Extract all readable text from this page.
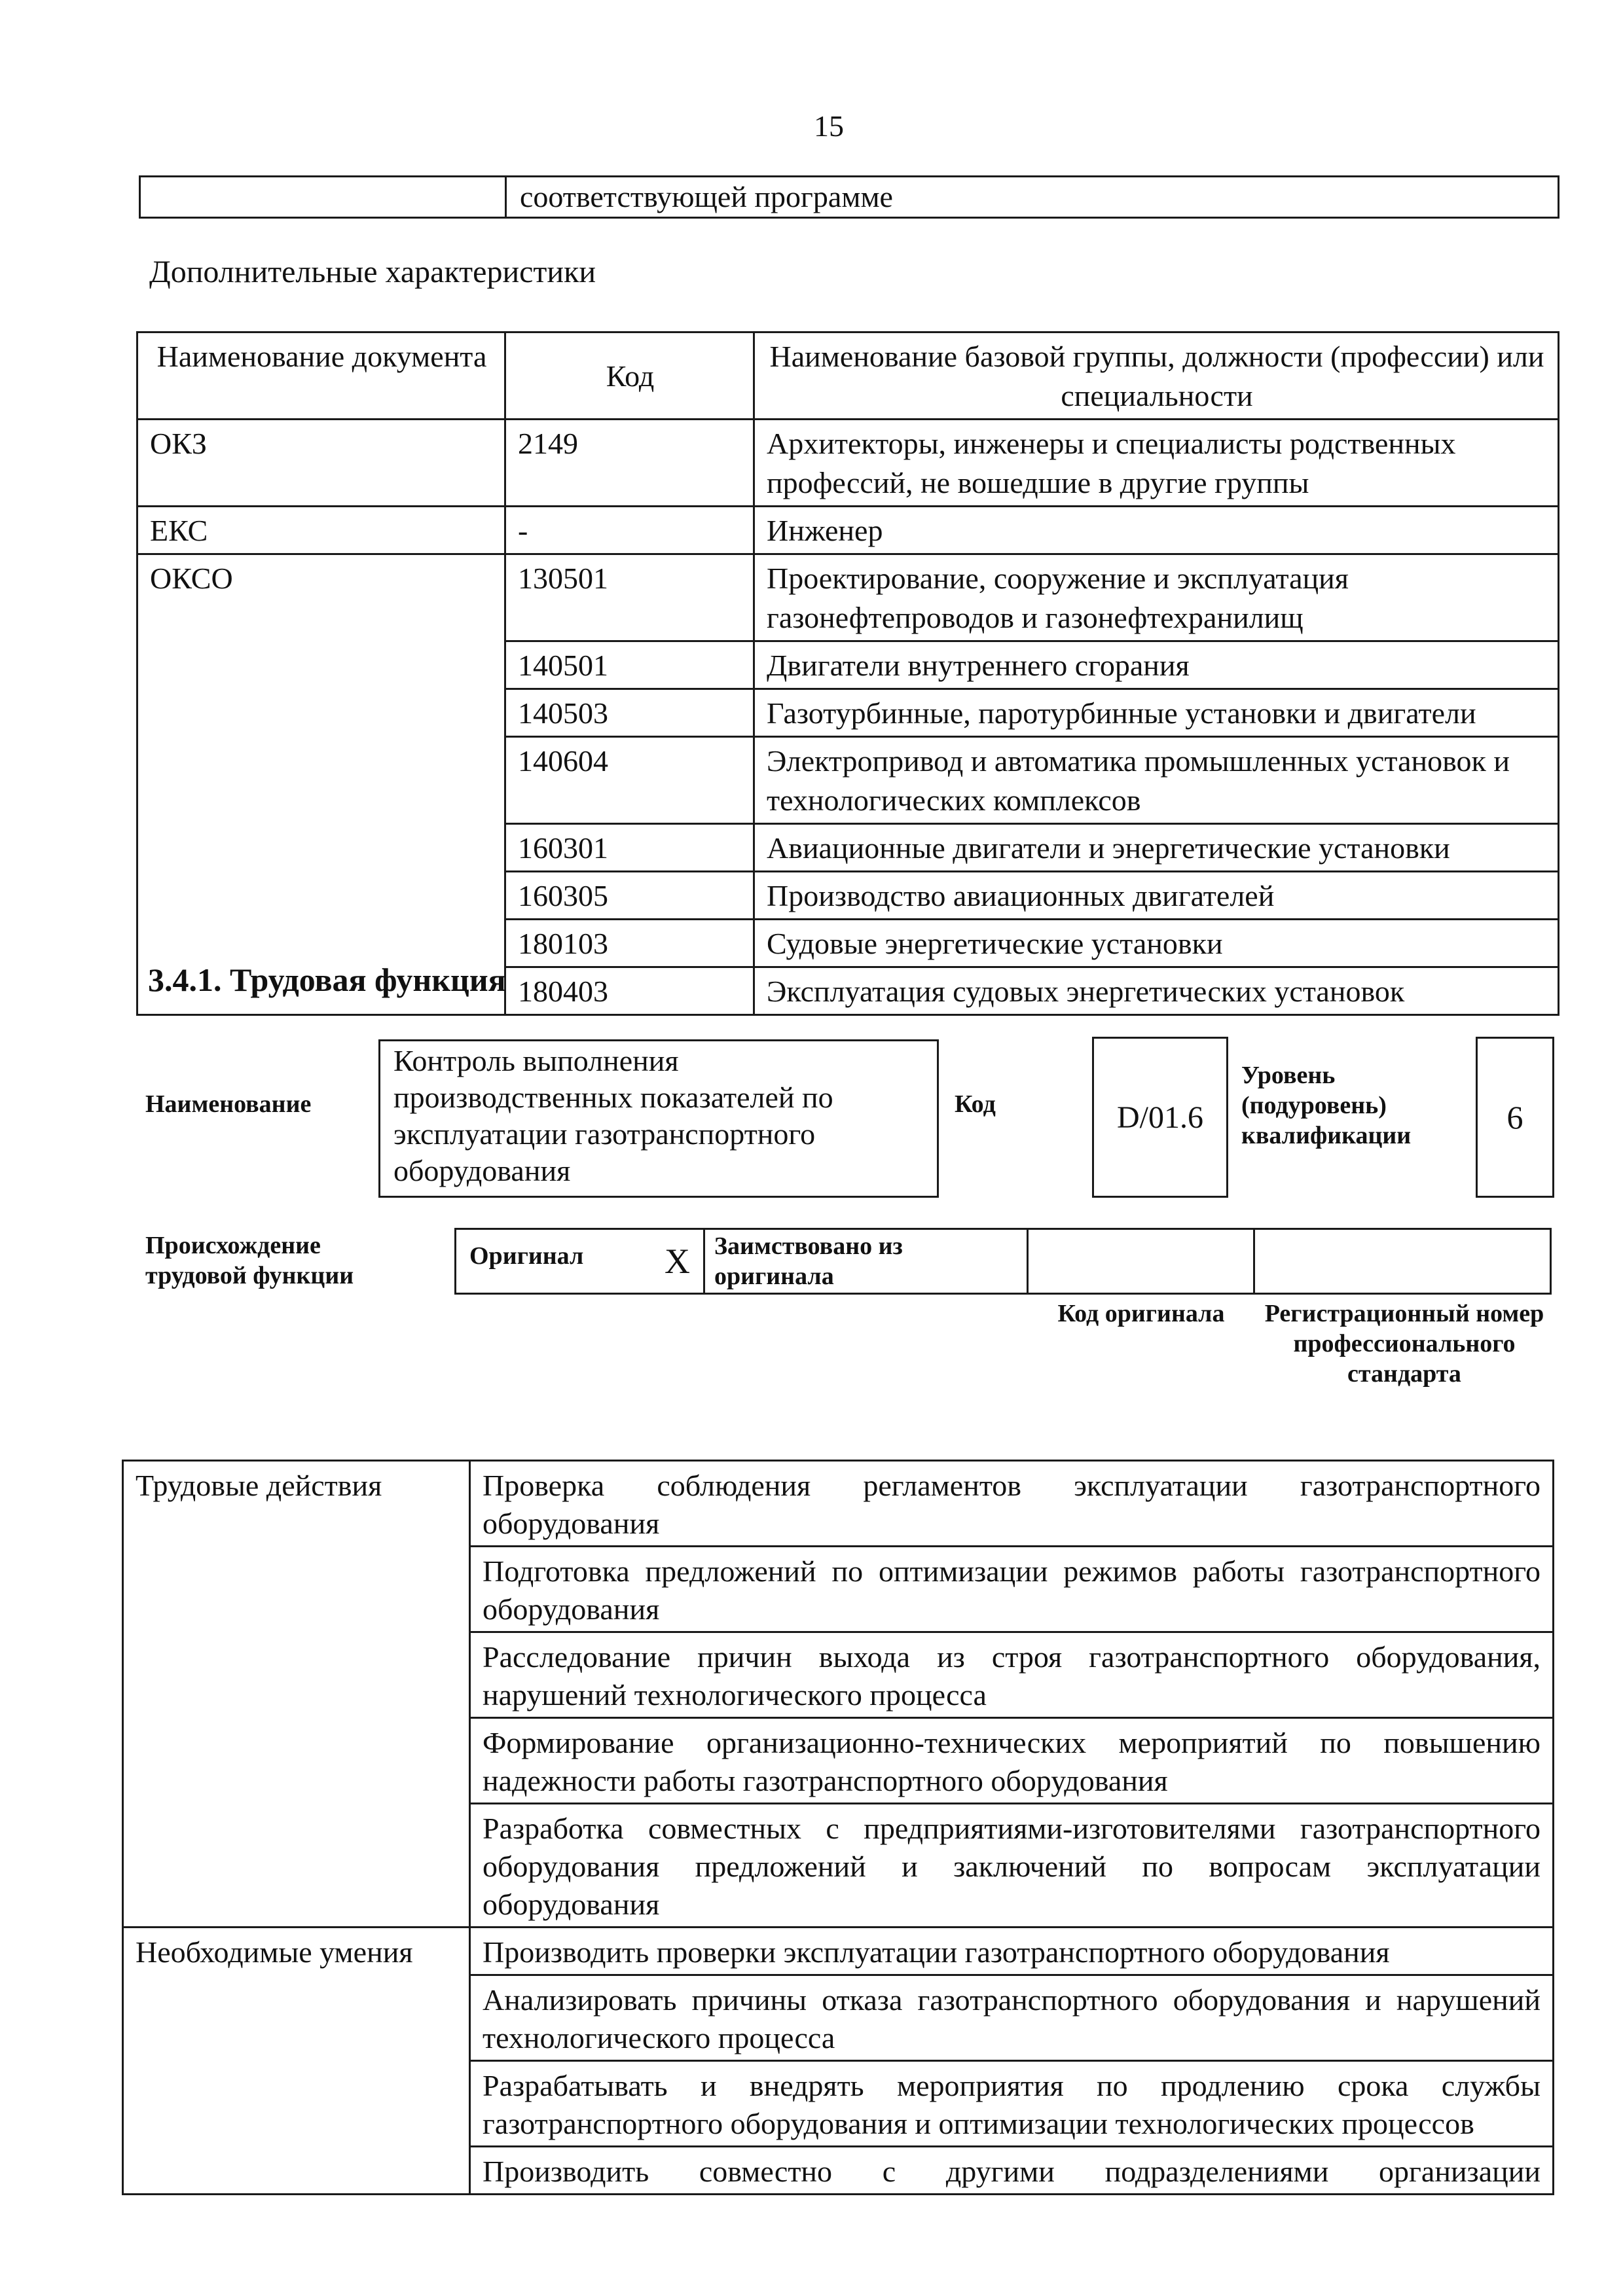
15
	соответствующей программе
Дополнительные характеристики
Наименование документа	Код	Наименование базовой группы, должности (профессии) или специальности
ОКЗ	2149	Архитекторы, инженеры и специалисты родственных профессий, не вошедшие в другие группы
ЕКС	-	Инженер
ОКСО	130501	Проектирование, сооружение и эксплуатация газонефтепроводов и газонефтехранилищ
	140501	Двигатели внутреннего сгорания
	140503	Газотурбинные, паротурбинные установки и двигатели
	140604	Электропривод и автоматика промышленных установок и технологических комплексов
	160301	Авиационные двигатели и энергетические установки
	160305	Производство авиационных двигателей
	180103	Судовые энергетические установки
	180403	Эксплуатация судовых энергетических установок
3.4.1. Трудовая функция
Наименование
Контроль выполнения производственных показателей по эксплуатации газотранспортного оборудования
Код	D/01.6
Уровень (подуровень) квалификации	6
Происхождение трудовой функции
Оригинал X	Заимствовано из оригинала		
Код оригинала	Регистрационный номер профессионального стандарта
Трудовые действия	Проверка соблюдения регламентов эксплуатации газотранспортного оборудования
	Подготовка предложений по оптимизации режимов работы газотранспортного оборудования
	Расследование причин выхода из строя газотранспортного оборудования, нарушений технологического процесса
	Формирование организационно-технических мероприятий по повышению надежности работы газотранспортного оборудования
	Разработка совместных с предприятиями-изготовителями газотранспортного оборудования предложений и заключений по вопросам эксплуатации оборудования
Необходимые умения	Производить проверки эксплуатации газотранспортного оборудования
	Анализировать причины отказа газотранспортного оборудования и нарушений технологического процесса
	Разрабатывать и внедрять мероприятия по продлению срока службы газотранспортного оборудования и оптимизации технологических процессов
	Производить совместно с другими подразделениями организации
